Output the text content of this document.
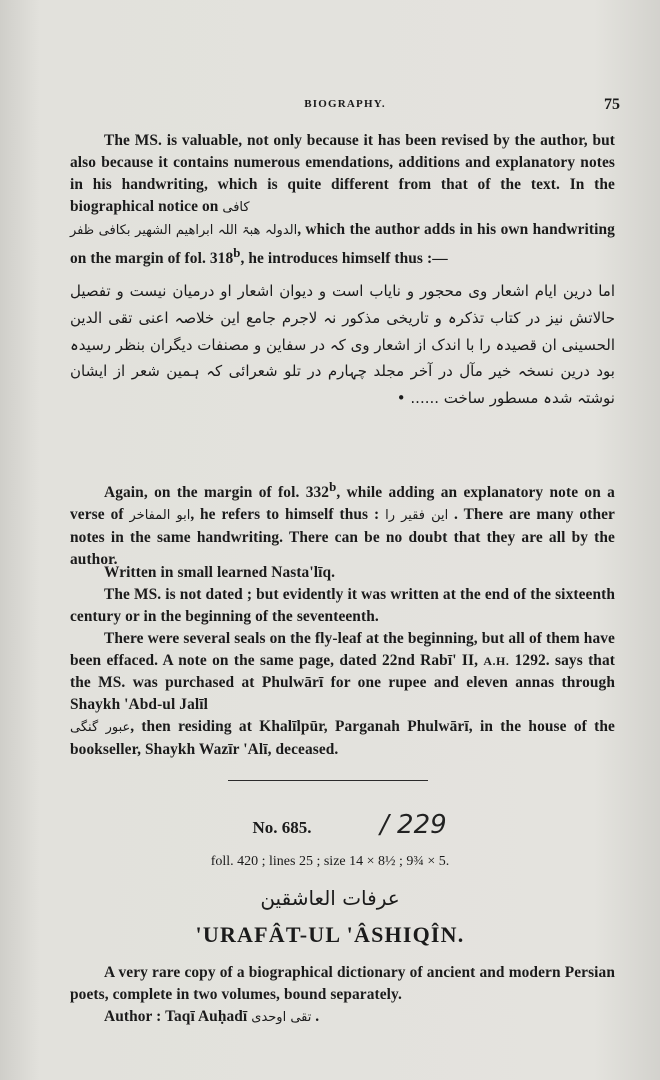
BIOGRAPHY.	75
The MS. is valuable, not only because it has been revised by the author, but also because it contains numerous emendations, additions and explanatory notes in his handwriting, which is quite different from that of the text. In the biographical notice on کافی
الدولہ ھبۃ اللہ ابراھیم الشھیر بکافی ظفر, which the author adds in his own handwriting on the margin of fol. 318$^b$, he introduces himself thus :—
اما درین ایام اشعار وی محجور و نایاب است و دیوان اشعار او درمیان نیست و تفصیل حالاتش نیز در کتاب تذکرہ و تاریخی مذکور نہ لاجرم جامع این خلاصہ اعنی تقی الدین الحسینی ان قصیدہ را با اندک از اشعار وی کہ در سفاین و مصنفات دیگران بنظر رسیدہ بود درین نسخہ خیر مآل در آخر مجلد چہارم در تلو شعرائی کہ ہمین شعر از ایشان نوشتہ شدہ مسطور ساخت ...... •
Again, on the margin of fol. 332$^b$, while adding an explanatory note on a verse of ابو المفاخر, he refers to himself thus : این فقیر را . There are many other notes in the same handwriting. There can be no doubt that they are all by the author.
Written in small learned Nasta'līq.
The MS. is not dated ; but evidently it was written at the end of the sixteenth century or in the beginning of the seventeenth.
There were several seals on the fly-leaf at the beginning, but all of them have been effaced. A note on the same page, dated 22nd Rabī' II, A.H. 1292. says that the MS. was purchased at Phulwārī for one rupee and eleven annas through Shaykh 'Abd-ul Jalīl
عبور گنگی, then residing at Khalīlpūr, Parganah Phulwārī, in the house of the bookseller, Shaykh Wazīr 'Alī, deceased.
No. 685.	/ 229
foll. 420 ; lines 25 ; size 14 × 8½ ; 9¾ × 5.
عرفات العاشقین
'URAFÂT-UL 'ÂSHIQÎN.
A very rare copy of a biographical dictionary of ancient and modern Persian poets, complete in two volumes, bound separately.
Author : Taqī Auḥadī تقی اوحدی .
